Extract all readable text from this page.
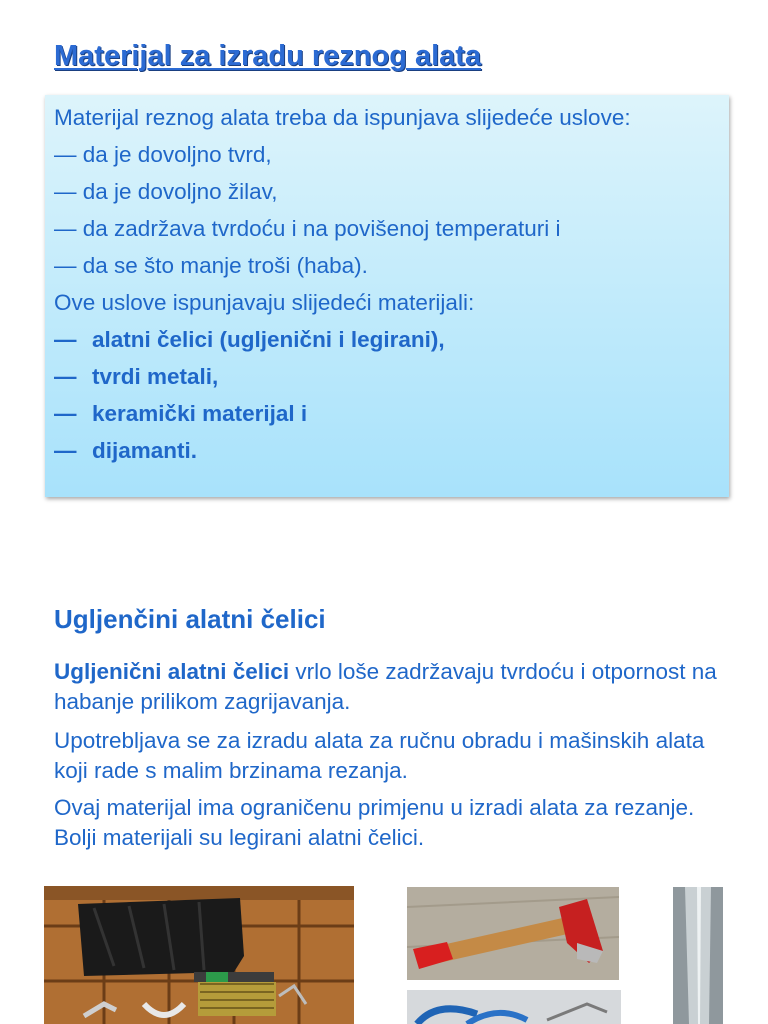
Materijal za izradu reznog alata
Materijal reznog alata treba da ispunjava slijedeće uslove:
— da je dovoljno tvrd,
— da je dovoljno žilav,
— da zadržava tvrdoću i na povišenoj temperaturi i
— da se što manje troši (haba).
Ove uslove ispunjavaju slijedeći materijali:
— alatni čelici (ugljenični i legirani),
— tvrdi metali,
— keramički materijal i
— dijamanti.
Ugljenčini alatni čelici

Ugljenični alatni čelici vrlo loše zadržavaju tvrdoću i otpornost na habanje prilikom zagrijavanja.

Upotrebljava se za izradu alata za ručnu obradu i mašinskih alata koji rade s malim brzinama rezanja.

Ovaj materijal ima ograničenu primjenu u izradi alata za rezanje. Bolji materijali su legirani alatni čelici.
